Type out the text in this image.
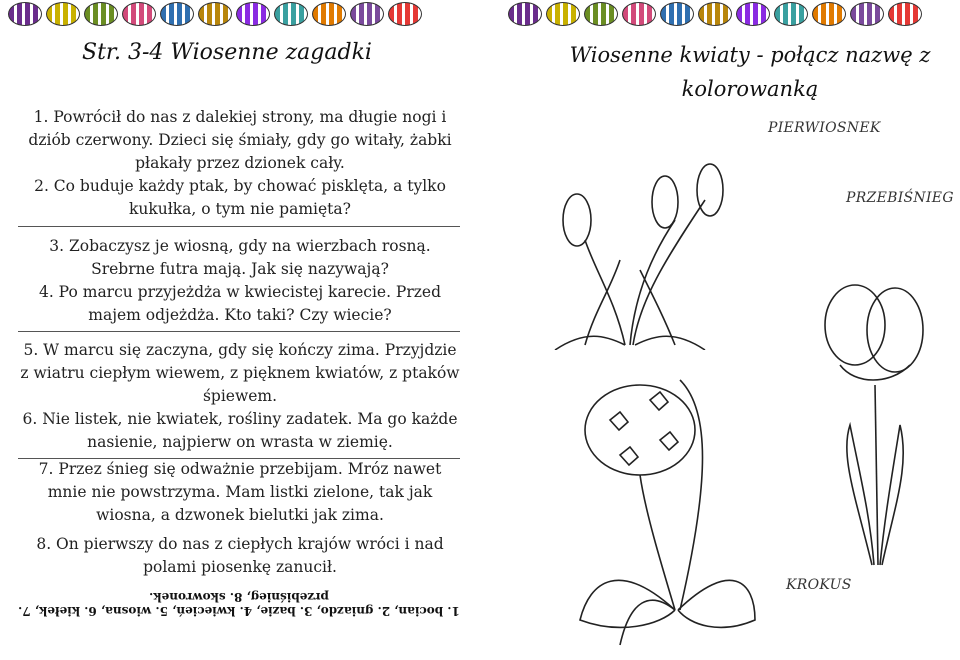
Str. 3-4 Wiosenne zagadki

1. Powrócił do nas z dalekiej strony, ma długie nogi i dziób czerwony. Dzieci się śmiały, gdy go witały, żabki płakały przez dzionek cały.

2. Co buduje każdy ptak, by chować pisklęta, a tylko kukułka, o tym nie pamięta?

3. Zobaczysz je wiosną, gdy na wierzbach rosną. Srebrne futra mają. Jak się nazywają?

4. Po marcu przyjeżdża w kwiecistej karecie. Przed majem odjeżdża. Kto taki? Czy wiecie?

5. W marcu się zaczyna, gdy się kończy zima. Przyjdzie z wiatru ciepłym wiewem, z pięknem kwiatów, z ptaków śpiewem.

6. Nie listek, nie kwiatek, rośliny zadatek. Ma go każde nasienie, najpierw on wrasta w ziemię.

7. Przez śnieg się odważnie przebijam. Mróz nawet mnie nie powstrzyma. Mam listki zielone, tak jak wiosna, a dzwonek bielutki jak zima.

8. On pierwszy do nas z ciepłych krajów wróci i nad polami piosenkę zanucił.

1. bocian, 2. gniazdo, 3. bazie, 4. kwiecień, 5. wiosna, 6. kiełek, 7. przebiśnieg, 8. skowronek.
Wiosenne kwiaty - połącz nazwę z kolorowanką
PIERWIOSNEK
PRZEBIŚNIEG
KROKUS
